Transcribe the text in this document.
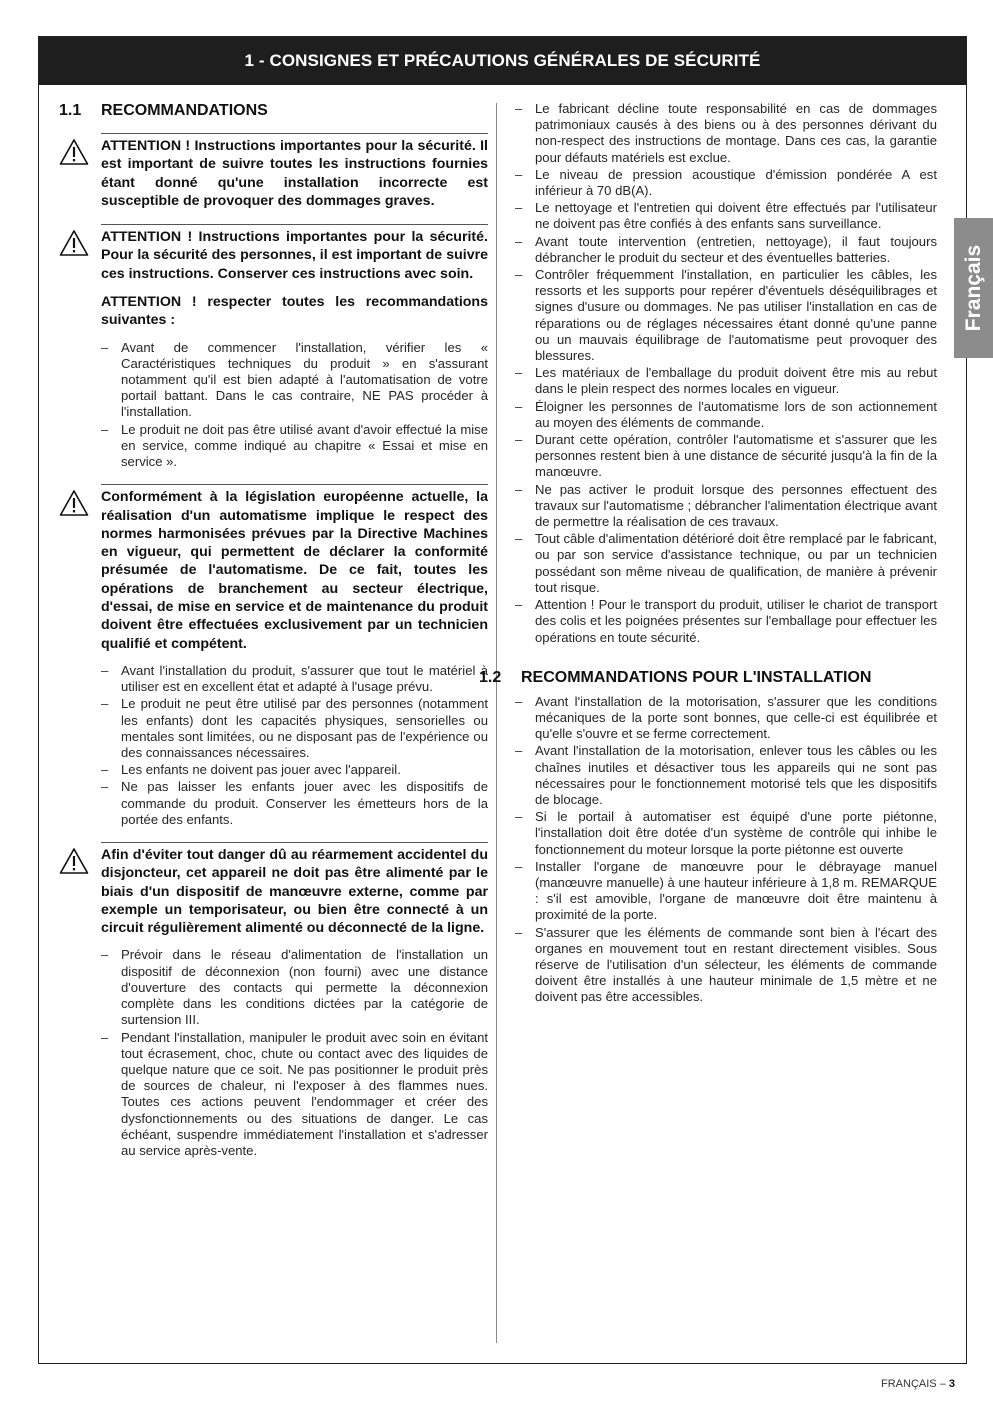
1 - CONSIGNES ET PRÉCAUTIONS GÉNÉRALES DE SÉCURITÉ
1.1 RECOMMANDATIONS

ATTENTION ! Instructions importantes pour la sécurité. Il est important de suivre toutes les instructions fournies étant donné qu'une installation incorrecte est susceptible de provoquer des dommages graves.

ATTENTION ! Instructions importantes pour la sécurité. Pour la sécurité des personnes, il est important de suivre ces instructions. Conserver ces instructions avec soin.

ATTENTION ! respecter toutes les recommandations suivantes :

– Avant de commencer l'installation, vérifier les « Caractéristiques techniques du produit » en s'assurant notamment qu'il est bien adapté à l'automatisation de votre portail battant. Dans le cas contraire, NE PAS procéder à l'installation.
– Le produit ne doit pas être utilisé avant d'avoir effectué la mise en service, comme indiqué au chapitre « Essai et mise en service ».

Conformément à la législation européenne actuelle, la réalisation d'un automatisme implique le respect des normes harmonisées prévues par la Directive Machines en vigueur, qui permettent de déclarer la conformité présumée de l'automatisme. De ce fait, toutes les opérations de branchement au secteur électrique, d'essai, de mise en service et de maintenance du produit doivent être effectuées exclusivement par un technicien qualifié et compétent.

– Avant l'installation du produit, s'assurer que tout le matériel à utiliser est en excellent état et adapté à l'usage prévu.
– Le produit ne peut être utilisé par des personnes (notamment les enfants) dont les capacités physiques, sensorielles ou mentales sont limitées, ou ne disposant pas de l'expérience ou des connaissances nécessaires.
– Les enfants ne doivent pas jouer avec l'appareil.
– Ne pas laisser les enfants jouer avec les dispositifs de commande du produit. Conserver les émetteurs hors de la portée des enfants.

Afin d'éviter tout danger dû au réarmement accidentel du disjoncteur, cet appareil ne doit pas être alimenté par le biais d'un dispositif de manœuvre externe, comme par exemple un temporisateur, ou bien être connecté à un circuit régulièrement alimenté ou déconnecté de la ligne.

– Prévoir dans le réseau d'alimentation de l'installation un dispositif de déconnexion (non fourni) avec une distance d'ouverture des contacts qui permette la déconnexion complète dans les conditions dictées par la catégorie de surtension III.
– Pendant l'installation, manipuler le produit avec soin en évitant tout écrasement, choc, chute ou contact avec des liquides de quelque nature que ce soit. Ne pas positionner le produit près de sources de chaleur, ni l'exposer à des flammes nues. Toutes ces actions peuvent l'endommager et créer des dysfonctionnements ou des situations de danger. Le cas échéant, suspendre immédiatement l'installation et s'adresser au service après-vente.
– Le fabricant décline toute responsabilité en cas de dommages patrimoniaux causés à des biens ou à des personnes dérivant du non-respect des instructions de montage. Dans ces cas, la garantie pour défauts matériels est exclue.
– Le niveau de pression acoustique d'émission pondérée A est inférieur à 70 dB(A).
– Le nettoyage et l'entretien qui doivent être effectués par l'utilisateur ne doivent pas être confiés à des enfants sans surveillance.
– Avant toute intervention (entretien, nettoyage), il faut toujours débrancher le produit du secteur et des éventuelles batteries.
– Contrôler fréquemment l'installation, en particulier les câbles, les ressorts et les supports pour repérer d'éventuels déséquilibrages et signes d'usure ou dommages. Ne pas utiliser l'installation en cas de réparations ou de réglages nécessaires étant donné qu'une panne ou un mauvais équilibrage de l'automatisme peut provoquer des blessures.
– Les matériaux de l'emballage du produit doivent être mis au rebut dans le plein respect des normes locales en vigueur.
– Éloigner les personnes de l'automatisme lors de son actionnement au moyen des éléments de commande.
– Durant cette opération, contrôler l'automatisme et s'assurer que les personnes restent bien à une distance de sécurité jusqu'à la fin de la manœuvre.
– Ne pas activer le produit lorsque des personnes effectuent des travaux sur l'automatisme ; débrancher l'alimentation électrique avant de permettre la réalisation de ces travaux.
– Tout câble d'alimentation détérioré doit être remplacé par le fabricant, ou par son service d'assistance technique, ou par un technicien possédant son même niveau de qualification, de manière à prévenir tout risque.
– Attention ! Pour le transport du produit, utiliser le chariot de transport des colis et les poignées présentes sur l'emballage pour effectuer les opérations en toute sécurité.
1.2 RECOMMANDATIONS POUR L'INSTALLATION
– Avant l'installation de la motorisation, s'assurer que les conditions mécaniques de la porte sont bonnes, que celle-ci est équilibrée et qu'elle s'ouvre et se ferme correctement.
– Avant l'installation de la motorisation, enlever tous les câbles ou les chaînes inutiles et désactiver tous les appareils qui ne sont pas nécessaires pour le fonctionnement motorisé tels que les dispositifs de blocage.
– Si le portail à automatiser est équipé d'une porte piétonne, l'installation doit être dotée d'un système de contrôle qui inhibe le fonctionnement du moteur lorsque la porte piétonne est ouverte
– Installer l'organe de manœuvre pour le débrayage manuel (manœuvre manuelle) à une hauteur inférieure à 1,8 m. REMARQUE : s'il est amovible, l'organe de manœuvre doit être maintenu à proximité de la porte.
– S'assurer que les éléments de commande sont bien à l'écart des organes en mouvement tout en restant directement visibles. Sous réserve de l'utilisation d'un sélecteur, les éléments de commande doivent être installés à une hauteur minimale de 1,5 mètre et ne doivent pas être accessibles.
Français
FRANÇAIS – 3
